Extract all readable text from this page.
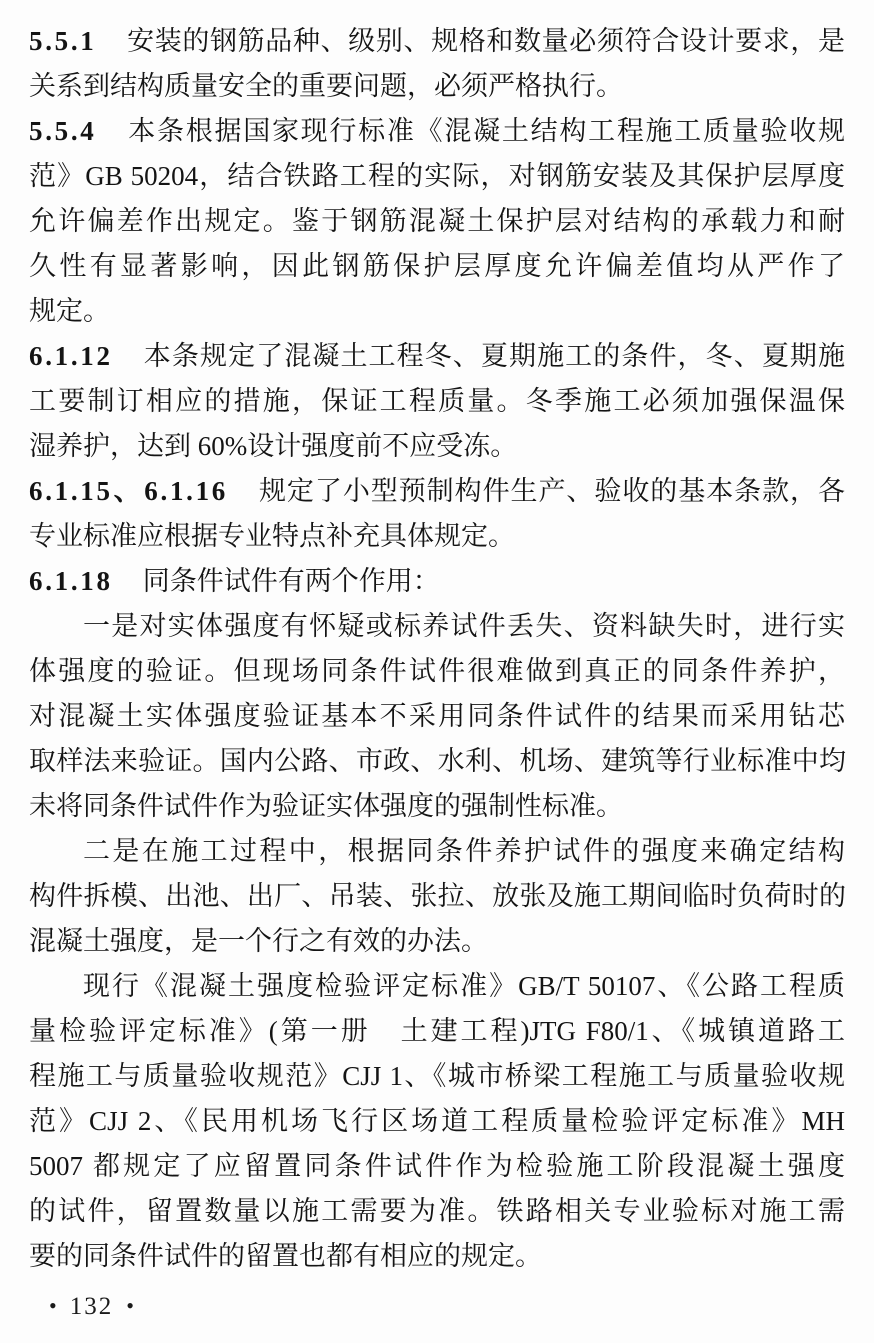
5.5.1 安装的钢筋品种、级别、规格和数量必须符合设计要求，是
关系到结构质量安全的重要问题，必须严格执行。
5.5.4 本条根据国家现行标准《混凝土结构工程施工质量验收规
范》GB 50204，结合铁路工程的实际，对钢筋安装及其保护层厚度
允许偏差作出规定。鉴于钢筋混凝土保护层对结构的承载力和耐
久性有显著影响，因此钢筋保护层厚度允许偏差值均从严作了
规定。
6.1.12 本条规定了混凝土工程冬、夏期施工的条件，冬、夏期施
工要制订相应的措施，保证工程质量。冬季施工必须加强保温保
湿养护，达到 60%设计强度前不应受冻。
6.1.15、6.1.16 规定了小型预制构件生产、验收的基本条款，各
专业标准应根据专业特点补充具体规定。
6.1.18 同条件试件有两个作用：
一是对实体强度有怀疑或标养试件丢失、资料缺失时，进行实
体强度的验证。但现场同条件试件很难做到真正的同条件养护，
对混凝土实体强度验证基本不采用同条件试件的结果而采用钻芯
取样法来验证。国内公路、市政、水利、机场、建筑等行业标准中均
未将同条件试件作为验证实体强度的强制性标准。
二是在施工过程中，根据同条件养护试件的强度来确定结构
构件拆模、出池、出厂、吊装、张拉、放张及施工期间临时负荷时的
混凝土强度，是一个行之有效的办法。
现行《混凝土强度检验评定标准》GB/T 50107、《公路工程质
量检验评定标准》(第一册　土建工程)JTG F80/1、《城镇道路工
程施工与质量验收规范》CJJ 1、《城市桥梁工程施工与质量验收规
范》CJJ 2、《民用机场飞行区场道工程质量检验评定标准》MH
5007 都规定了应留置同条件试件作为检验施工阶段混凝土强度
的试件，留置数量以施工需要为准。铁路相关专业验标对施工需
要的同条件试件的留置也都有相应的规定。
• 132 •
